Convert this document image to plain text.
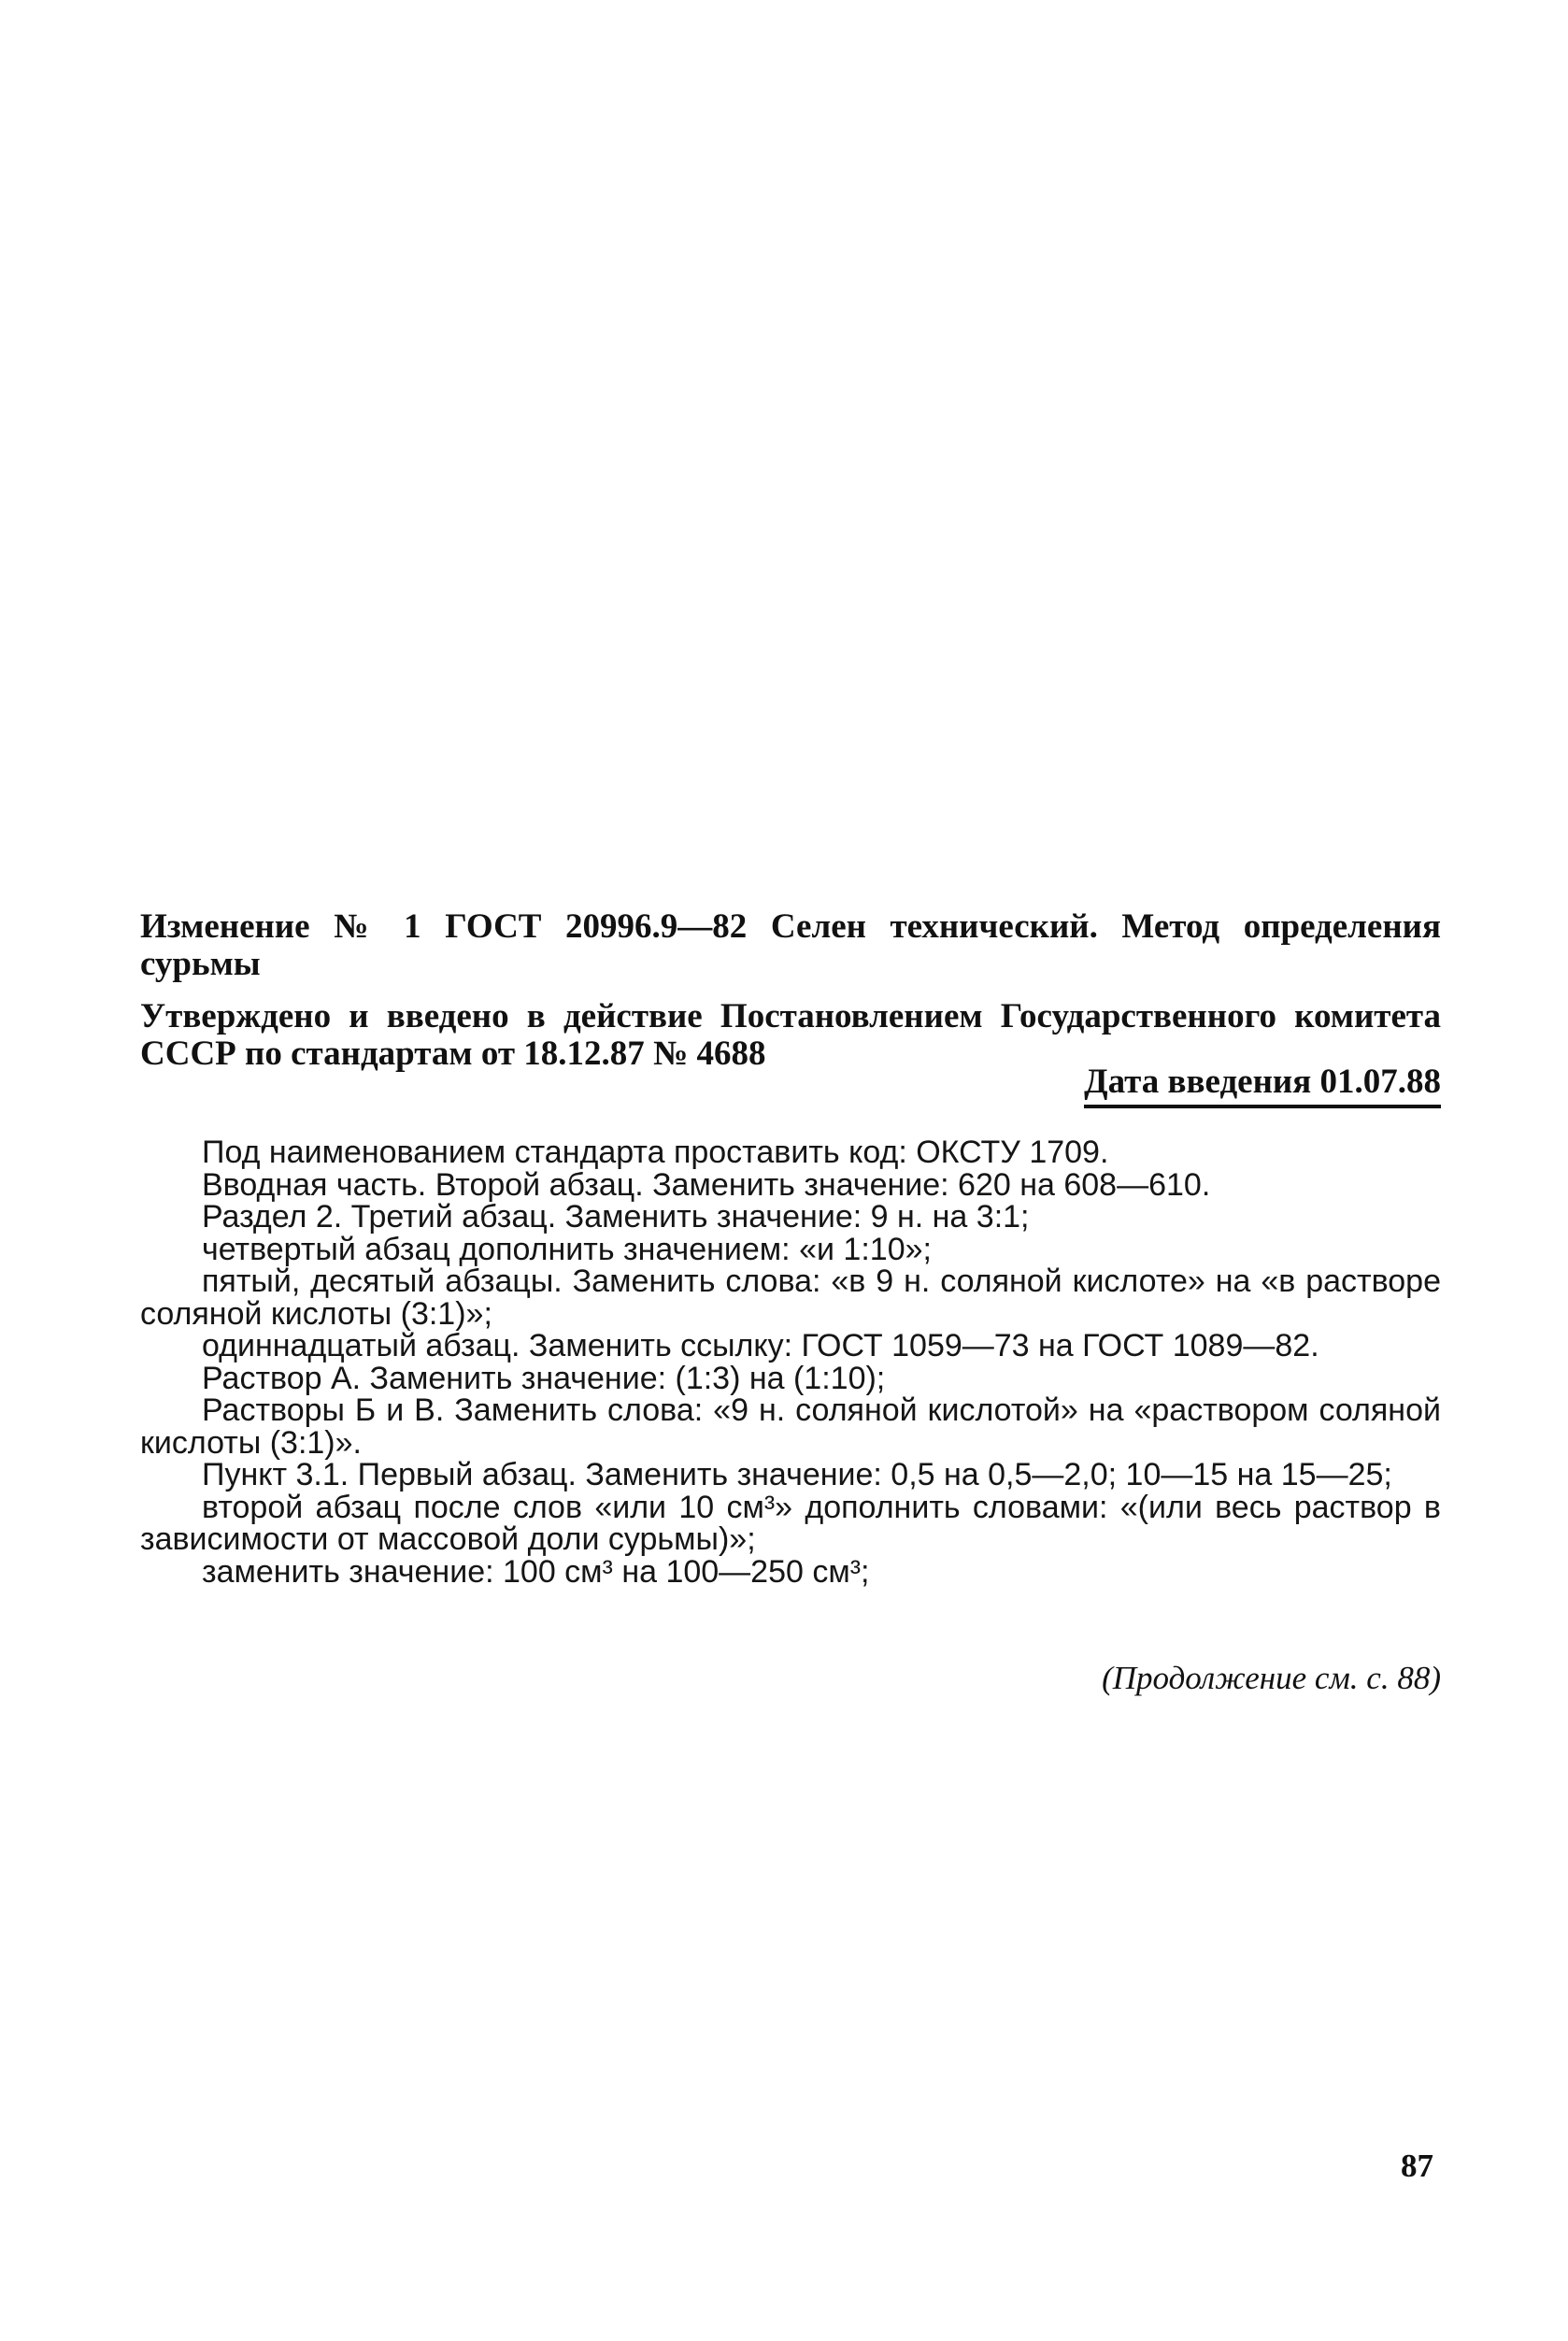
Изменение № 1 ГОСТ 20996.9—82 Селен технический. Метод определения сурьмы
Утверждено и введено в действие Постановлением Государственного комитета СССР по стандартам от 18.12.87 № 4688
Дата введения 01.07.88

Под наименованием стандарта проставить код: ОКСТУ 1709.

Вводная часть. Второй абзац. Заменить значение: 620 на 608—610.

Раздел 2. Третий абзац. Заменить значение: 9 н. на 3:1;

четвертый абзац дополнить значением: «и 1:10»;

пятый, десятый абзацы. Заменить слова: «в 9 н. соляной кислоте» на «в растворе соляной кислоты (3:1)»;

одиннадцатый абзац. Заменить ссылку: ГОСТ 1059—73 на ГОСТ 1089—82.

Раствор А. Заменить значение: (1:3) на (1:10);

Растворы Б и В. Заменить слова: «9 н. соляной кислотой» на «раствором соляной кислоты (3:1)».

Пункт 3.1. Первый абзац. Заменить значение: 0,5 на 0,5—2,0; 10—15 на 15—25;

второй абзац после слов «или 10 см³» дополнить словами: «(или весь раствор в зависимости от массовой доли сурьмы)»;

заменить значение: 100 см³ на 100—250 см³;

(Продолжение см. с. 88)
87
